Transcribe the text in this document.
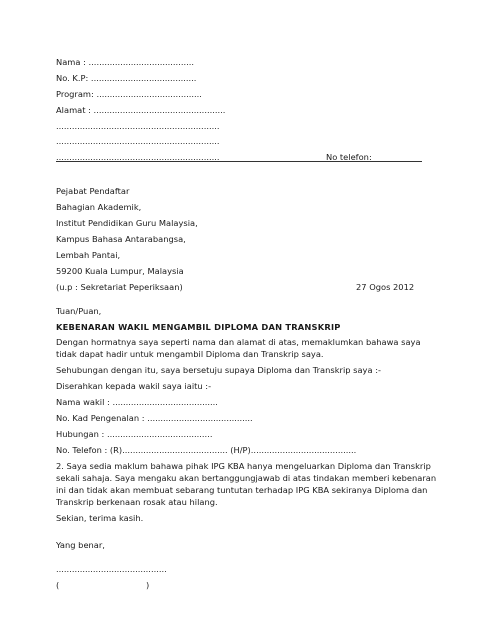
Nama : ........................................
No. K.P: ........................................
Program: ........................................
Alamat : ..................................................
..............................................................
..............................................................
..............................................................	No telefon:
Pejabat Pendaftar
Bahagian Akademik,
Institut Pendidikan Guru Malaysia,
Kampus Bahasa Antarabangsa,
Lembah Pantai,
59200 Kuala Lumpur, Malaysia
(u.p : Sekretariat Peperiksaan)	27 Ogos 2012
Tuan/Puan,
KEBENARAN WAKIL MENGAMBIL DIPLOMA DAN TRANSKRIP
Dengan hormatnya saya seperti nama dan alamat di atas, memaklumkan bahawa saya
tidak dapat hadir untuk mengambil Diploma dan Transkrip saya.
Sehubungan dengan itu, saya bersetuju supaya Diploma dan Transkrip saya :-
Diserahkan kepada wakil saya iaitu :-
Nama wakil : ........................................
No. Kad Pengenalan : ........................................
Hubungan : ........................................
No. Telefon : (R)........................................ (H/P)........................................
2. Saya sedia maklum bahawa pihak IPG KBA hanya mengeluarkan Diploma dan Transkrip
sekali sahaja. Saya mengaku akan bertanggungjawab di atas tindakan memberi kebenaran
ini dan tidak akan membuat sebarang tuntutan terhadap IPG KBA sekiranya Diploma dan
Transkrip berkenaan rosak atau hilang.
Sekian, terima kasih.
Yang benar,
..........................................
(	)
